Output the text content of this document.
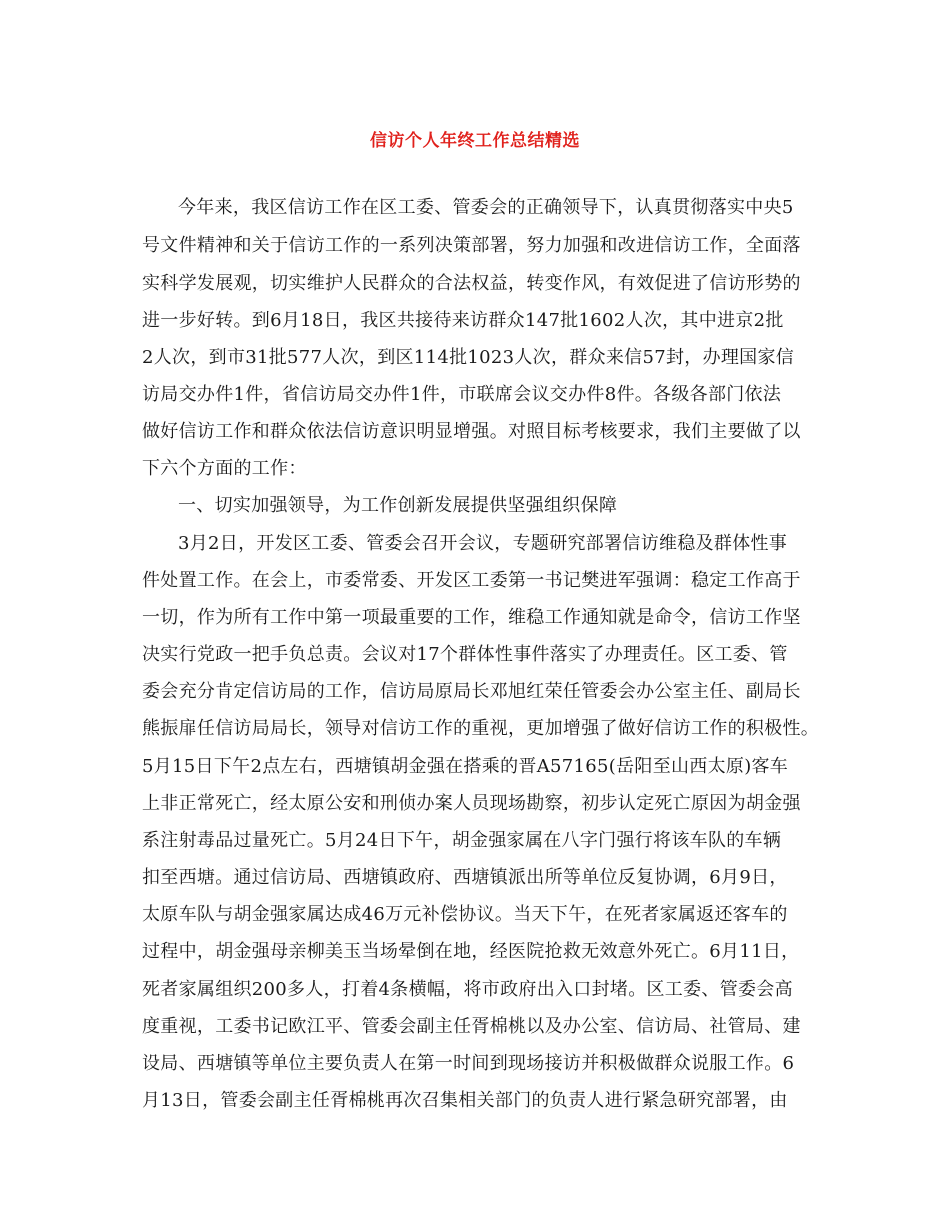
信访个人年终工作总结精选
今年来，我区信访工作在区工委、管委会的正确领导下，认真贯彻落实中央5
号文件精神和关于信访工作的一系列决策部署，努力加强和改进信访工作，全面落
实科学发展观，切实维护人民群众的合法权益，转变作风，有效促进了信访形势的
进一步好转。到6月18日，我区共接待来访群众147批1602人次，其中进京2批
2人次，到市31批577人次，到区114批1023人次，群众来信57封，办理国家信
访局交办件1件，省信访局交办件1件，市联席会议交办件8件。各级各部门依法
做好信访工作和群众依法信访意识明显增强。对照目标考核要求，我们主要做了以
下六个方面的工作：
一、切实加强领导，为工作创新发展提供坚强组织保障
3月2日，开发区工委、管委会召开会议，专题研究部署信访维稳及群体性事
件处置工作。在会上，市委常委、开发区工委第一书记樊进军强调：稳定工作高于
一切，作为所有工作中第一项最重要的工作，维稳工作通知就是命令，信访工作坚
决实行党政一把手负总责。会议对17个群体性事件落实了办理责任。区工委、管
委会充分肯定信访局的工作，信访局原局长邓旭红荣任管委会办公室主任、副局长
熊振扉任信访局局长，领导对信访工作的重视，更加增强了做好信访工作的积极性。
5月15日下午2点左右，西塘镇胡金强在搭乘的晋A57165(岳阳至山西太原)客车
上非正常死亡，经太原公安和刑侦办案人员现场勘察，初步认定死亡原因为胡金强
系注射毒品过量死亡。5月24日下午，胡金强家属在八字门强行将该车队的车辆
扣至西塘。通过信访局、西塘镇政府、西塘镇派出所等单位反复协调，6月9日，
太原车队与胡金强家属达成46万元补偿协议。当天下午，在死者家属返还客车的
过程中，胡金强母亲柳美玉当场晕倒在地，经医院抢救无效意外死亡。6月11日，
死者家属组织200多人，打着4条横幅，将市政府出入口封堵。区工委、管委会高
度重视，工委书记欧江平、管委会副主任胥棉桃以及办公室、信访局、社管局、建
设局、西塘镇等单位主要负责人在第一时间到现场接访并积极做群众说服工作。6
月13日，管委会副主任胥棉桃再次召集相关部门的负责人进行紧急研究部署，由
